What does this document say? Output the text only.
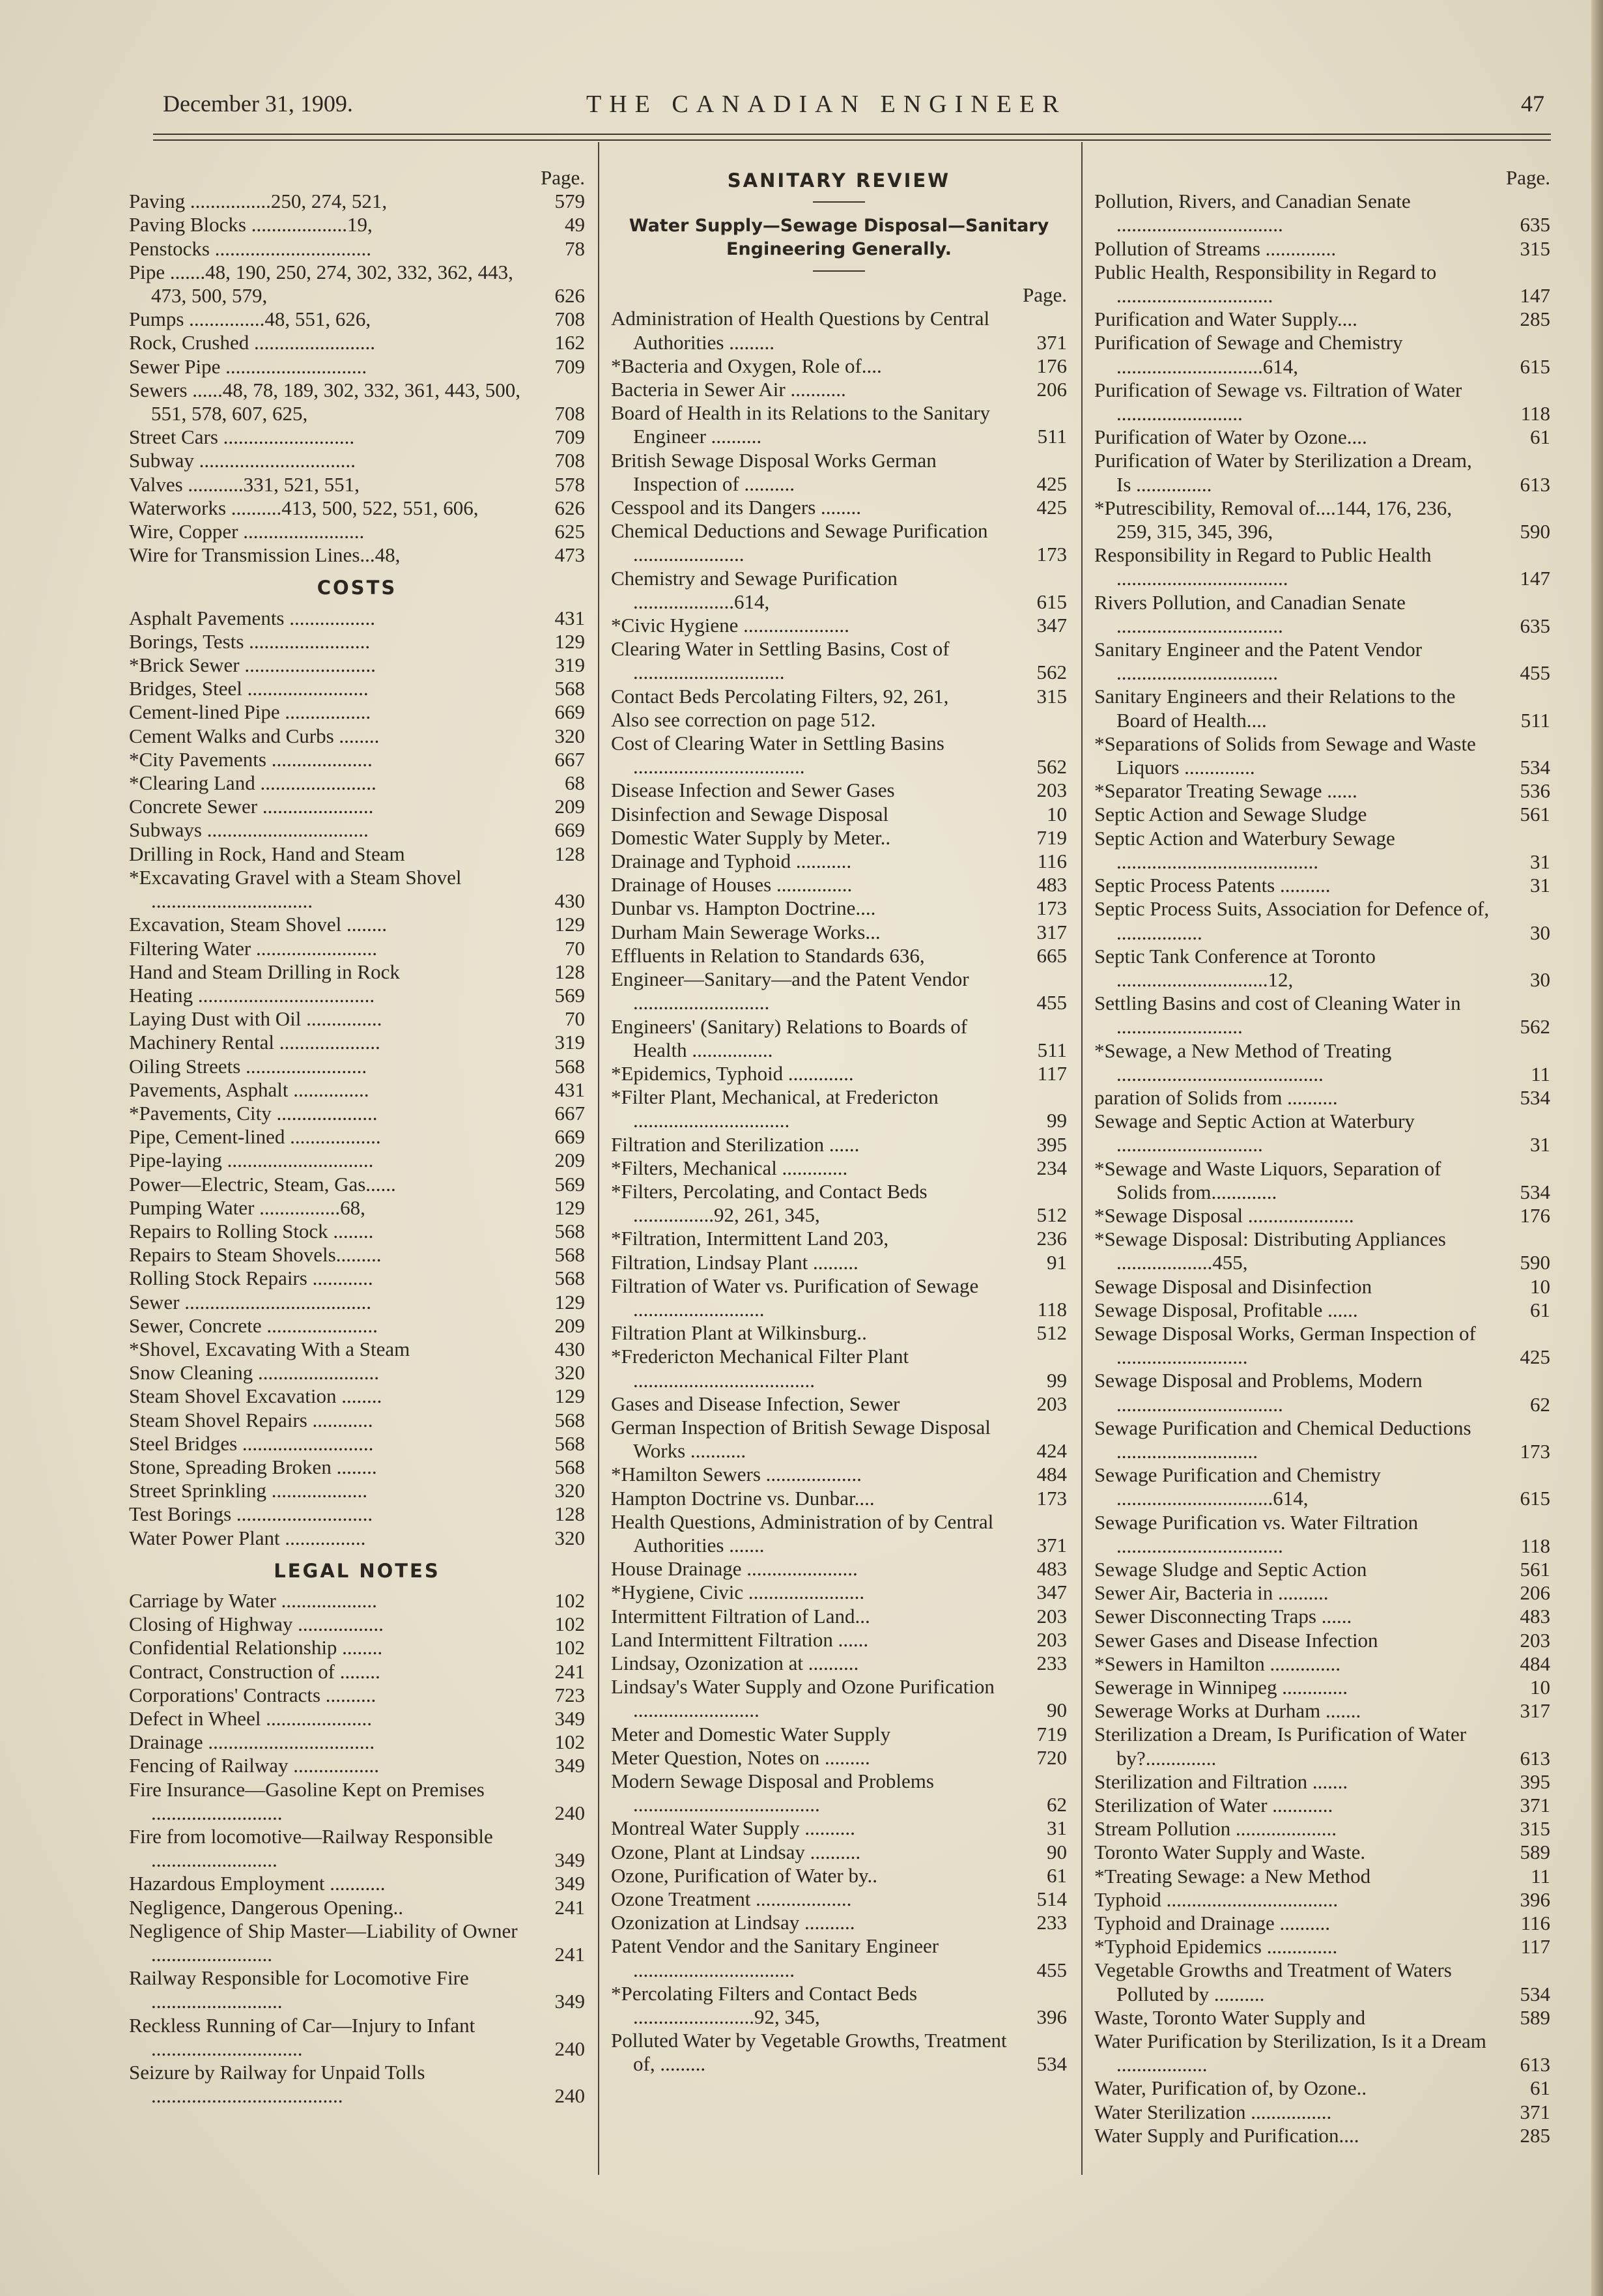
December 31, 1909.	THE CANADIAN ENGINEER	47
Page.
Paving ................250, 274, 521,	579
Paving Blocks ...................19,	49
Penstocks ...............................	78
Pipe .......48, 190, 250, 274, 302, 332, 362, 443, 473, 500, 579,	626
Pumps ...............48, 551, 626,	708
Rock, Crushed ........................	162
Sewer Pipe ............................	709
Sewers ......48, 78, 189, 302, 332, 361, 443, 500, 551, 578, 607, 625,	708
Street Cars ..........................	709
Subway ...............................	708
Valves ...........331, 521, 551,	578
Waterworks ..........413, 500, 522, 551, 606,	626
Wire, Copper ........................	625
Wire for Transmission Lines...48,	473
COSTS
Asphalt Pavements .................	431
Borings, Tests ........................	129
*Brick Sewer ..........................	319
Bridges, Steel ........................	568
Cement-lined Pipe .................	669
Cement Walks and Curbs ........	320
*City Pavements ....................	667
*Clearing Land .......................	68
Concrete Sewer ......................	209
Subways ................................	669
Drilling in Rock, Hand and Steam	128
*Excavating Gravel with a Steam Shovel ................................	430
Excavation, Steam Shovel ........	129
Filtering Water ........................	70
Hand and Steam Drilling in Rock	128
Heating ...................................	569
Laying Dust with Oil ...............	70
Machinery Rental ....................	319
Oiling Streets ........................	568
Pavements, Asphalt ...............	431
*Pavements, City ....................	667
Pipe, Cement-lined ..................	669
Pipe-laying .............................	209
Power—Electric, Steam, Gas......	569
Pumping Water ................68,	129
Repairs to Rolling Stock ........	568
Repairs to Steam Shovels.........	568
Rolling Stock Repairs ............	568
Sewer .....................................	129
Sewer, Concrete ......................	209
*Shovel, Excavating With a Steam	430
Snow Cleaning ........................	320
Steam Shovel Excavation ........	129
Steam Shovel Repairs ............	568
Steel Bridges ..........................	568
Stone, Spreading Broken ........	568
Street Sprinkling ...................	320
Test Borings ...........................	128
Water Power Plant ................	320
LEGAL NOTES
Carriage by Water ...................	102
Closing of Highway .................	102
Confidential Relationship ........	102
Contract, Construction of ........	241
Corporations' Contracts ..........	723
Defect in Wheel .....................	349
Drainage .................................	102
Fencing of Railway .................	349
Fire Insurance—Gasoline Kept on Premises ..........................	240
Fire from locomotive—Railway Responsible .........................	349
Hazardous Employment ...........	349
Negligence, Dangerous Opening..	241
Negligence of Ship Master—Liability of Owner ........................	241
Railway Responsible for Locomotive Fire ..........................	349
Reckless Running of Car—Injury to Infant ..............................	240
Seizure by Railway for Unpaid Tolls ......................................	240
SANITARY REVIEW
Water Supply—Sewage Disposal—Sanitary Engineering Generally.
Page.
Administration of Health Questions by Central Authorities .........	371
*Bacteria and Oxygen, Role of....	176
Bacteria in Sewer Air ...........	206
Board of Health in its Relations to the Sanitary Engineer ..........	511
British Sewage Disposal Works German Inspection of ..........	425
Cesspool and its Dangers ........	425
Chemical Deductions and Sewage Purification ......................	173
Chemistry and Sewage Purification ....................614,	615
*Civic Hygiene .....................	347
Clearing Water in Settling Basins, Cost of ..............................	562
Contact Beds Percolating Filters, 92, 261,	315
Also see correction on page 512.
Cost of Clearing Water in Settling Basins ..................................	562
Disease Infection and Sewer Gases	203
Disinfection and Sewage Disposal	10
Domestic Water Supply by Meter..	719
Drainage and Typhoid ...........	116
Drainage of Houses ...............	483
Dunbar vs. Hampton Doctrine....	173
Durham Main Sewerage Works...	317
Effluents in Relation to Standards 636,	665
Engineer—Sanitary—and the Patent Vendor ...........................	455
Engineers' (Sanitary) Relations to Boards of Health ................	511
*Epidemics, Typhoid .............	117
*Filter Plant, Mechanical, at Fredericton ...............................	99
Filtration and Sterilization ......	395
*Filters, Mechanical .............	234
*Filters, Percolating, and Contact Beds ................92, 261, 345,	512
*Filtration, Intermittent Land 203,	236
Filtration, Lindsay Plant .........	91
Filtration of Water vs. Purification of Sewage ..........................	118
Filtration Plant at Wilkinsburg..	512
*Fredericton Mechanical Filter Plant ....................................	99
Gases and Disease Infection, Sewer	203
German Inspection of British Sewage Disposal Works ...........	424
*Hamilton Sewers ...................	484
Hampton Doctrine vs. Dunbar....	173
Health Questions, Administration of by Central Authorities .......	371
House Drainage ......................	483
*Hygiene, Civic .......................	347
Intermittent Filtration of Land...	203
Land Intermittent Filtration ......	203
Lindsay, Ozonization at ..........	233
Lindsay's Water Supply and Ozone Purification .........................	90
Meter and Domestic Water Supply	719
Meter Question, Notes on .........	720
Modern Sewage Disposal and Problems .....................................	62
Montreal Water Supply ..........	31
Ozone, Plant at Lindsay ..........	90
Ozone, Purification of Water by..	61
Ozone Treatment ...................	514
Ozonization at Lindsay ..........	233
Patent Vendor and the Sanitary Engineer ................................	455
*Percolating Filters and Contact Beds ........................92, 345,	396
Polluted Water by Vegetable Growths, Treatment of, .........	534
Page.
Pollution, Rivers, and Canadian Senate .................................	635
Pollution of Streams ..............	315
Public Health, Responsibility in Regard to ...............................	147
Purification and Water Supply....	285
Purification of Sewage and Chemistry .............................614,	615
Purification of Sewage vs. Filtration of Water .........................	118
Purification of Water by Ozone....	61
Purification of Water by Sterilization a Dream, Is ...............	613
*Putrescibility, Removal of....144, 176, 236, 259, 315, 345, 396,	590
Responsibility in Regard to Public Health ..................................	147
Rivers Pollution, and Canadian Senate .................................	635
Sanitary Engineer and the Patent Vendor ................................	455
Sanitary Engineers and their Relations to the Board of Health....	511
*Separations of Solids from Sewage and Waste Liquors ..............	534
*Separator Treating Sewage ......	536
Septic Action and Sewage Sludge	561
Septic Action and Waterbury Sewage ........................................	31
Septic Process Patents ..........	31
Septic Process Suits, Association for Defence of, .................	30
Septic Tank Conference at Toronto ..............................12,	30
Settling Basins and cost of Cleaning Water in .........................	562
*Sewage, a New Method of Treating .........................................	11
paration of Solids from ..........	534
Sewage and Septic Action at Waterbury .............................	31
*Sewage and Waste Liquors, Separation of Solids from.............	534
*Sewage Disposal .....................	176
*Sewage Disposal: Distributing Appliances ...................455,	590
Sewage Disposal and Disinfection	10
Sewage Disposal, Profitable ......	61
Sewage Disposal Works, German Inspection of ..........................	425
Sewage Disposal and Problems, Modern .................................	62
Sewage Purification and Chemical Deductions ............................	173
Sewage Purification and Chemistry ...............................614,	615
Sewage Purification vs. Water Filtration .................................	118
Sewage Sludge and Septic Action	561
Sewer Air, Bacteria in ..........	206
Sewer Disconnecting Traps ......	483
Sewer Gases and Disease Infection	203
*Sewers in Hamilton ..............	484
Sewerage in Winnipeg .............	10
Sewerage Works at Durham .......	317
Sterilization a Dream, Is Purification of Water by?..............	613
Sterilization and Filtration .......	395
Sterilization of Water ............	371
Stream Pollution ....................	315
Toronto Water Supply and Waste.	589
*Treating Sewage: a New Method	11
Typhoid ..................................	396
Typhoid and Drainage ..........	116
*Typhoid Epidemics ..............	117
Vegetable Growths and Treatment of Waters Polluted by ..........	534
Waste, Toronto Water Supply and	589
Water Purification by Sterilization, Is it a Dream ..................	613
Water, Purification of, by Ozone..	61
Water Sterilization ................	371
Water Supply and Purification....	285
